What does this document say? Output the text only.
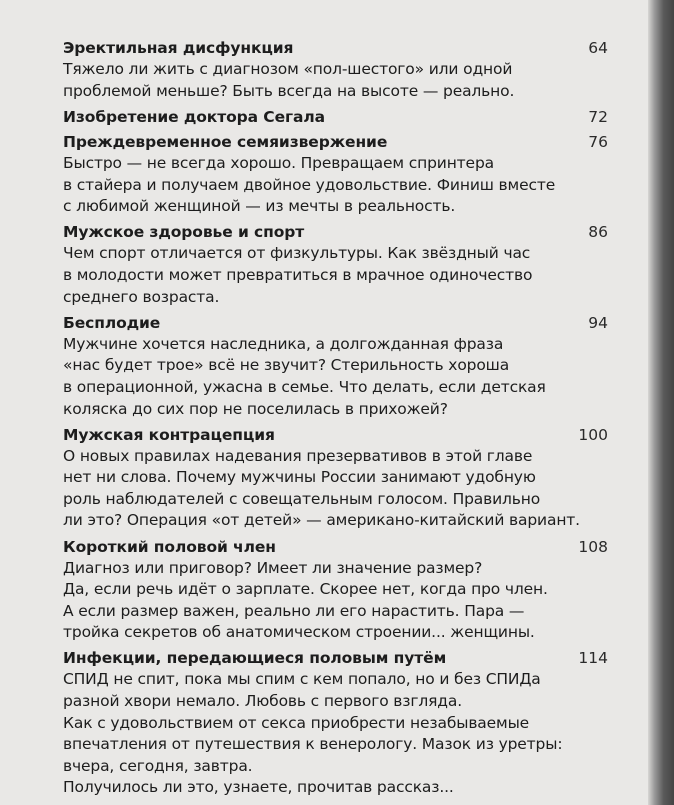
Эректильная дисфункция	64
Тяжело ли жить с диагнозом «пол-шестого» или одной
проблемой меньше? Быть всегда на высоте — реально.
Изобретение доктора Сегала	72
Преждевременное семяизвержение	76
Быстро — не всегда хорошо. Превращаем спринтера
в стайера и получаем двойное удовольствие. Финиш вместе
с любимой женщиной — из мечты в реальность.
Мужское здоровье и спорт	86
Чем спорт отличается от физкультуры. Как звёздный час
в молодости может превратиться в мрачное одиночество
среднего возраста.
Бесплодие	94
Мужчине хочется наследника, а долгожданная фраза
«нас будет трое» всё не звучит? Стерильность хороша
в операционной, ужасна в семье. Что делать, если детская
коляска до сих пор не поселилась в прихожей?
Мужская контрацепция	100
О новых правилах надевания презервативов в этой главе
нет ни слова. Почему мужчины России занимают удобную
роль наблюдателей с совещательным голосом. Правильно
ли это? Операция «от детей» — американо-китайский вариант.
Короткий половой член	108
Диагноз или приговор? Имеет ли значение размер?
Да, если речь идёт о зарплате. Скорее нет, когда про член.
А если размер важен, реально ли его нарастить. Пара —
тройка секретов об анатомическом строении... женщины.
Инфекции, передающиеся половым путём	114
СПИД не спит, пока мы спим с кем попало, но и без СПИДа
разной хвори немало. Любовь с первого взгляда.
Как с удовольствием от секса приобрести незабываемые
впечатления от путешествия к венерологу. Мазок из уретры:
вчера, сегодня, завтра.
Получилось ли это, узнаете, прочитав рассказ...
